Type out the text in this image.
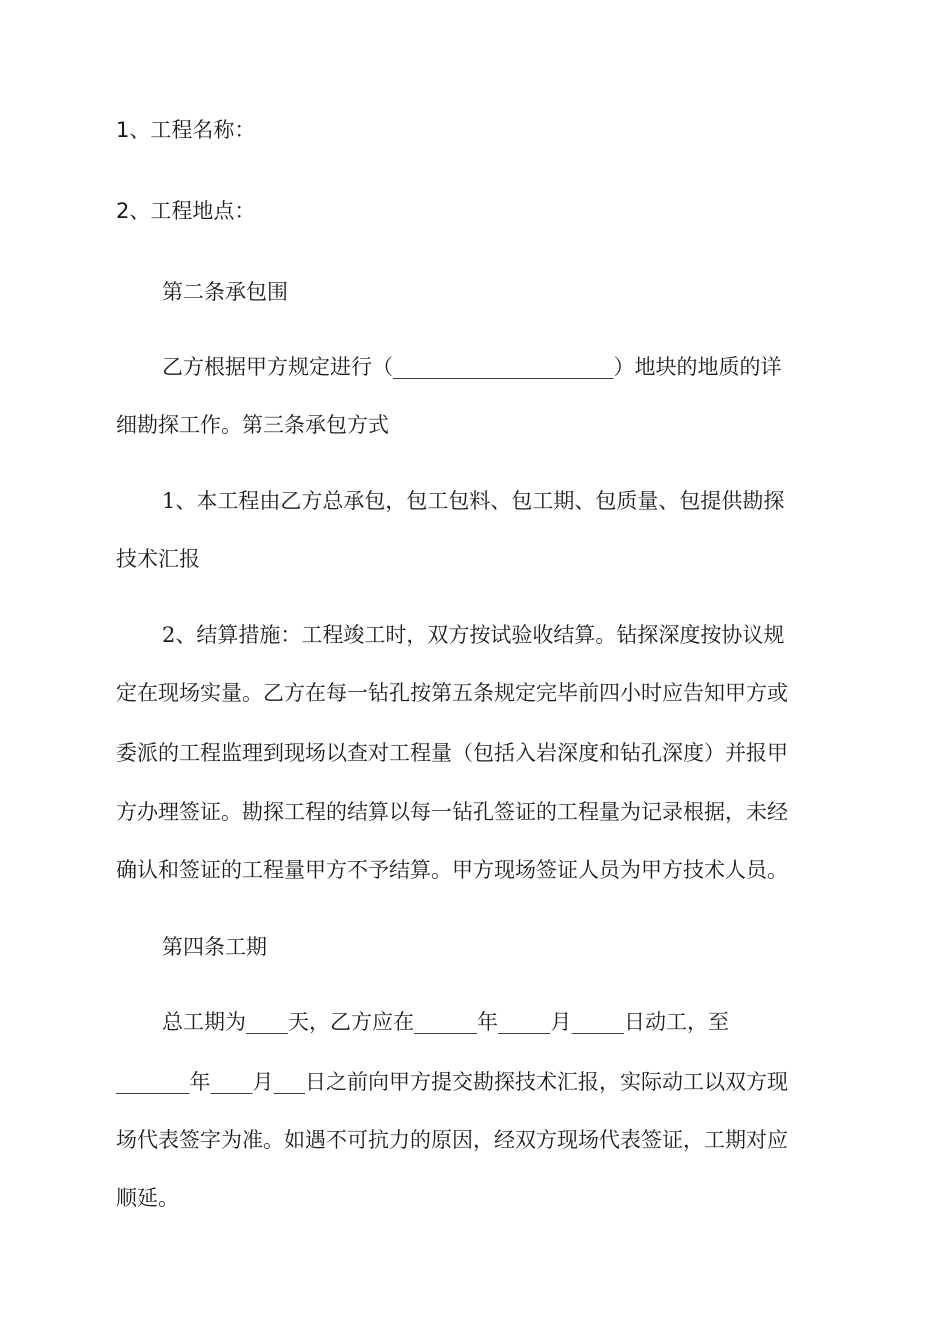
1、工程名称：
2、工程地点：
第二条承包围
乙方根据甲方规定进行（_____________________）地块的地质的详
细勘探工作。第三条承包方式
1、本工程由乙方总承包，包工包料、包工期、包质量、包提供勘探
技术汇报
2、结算措施：工程竣工时，双方按试验收结算。钻探深度按协议规
定在现场实量。乙方在每一钻孔按第五条规定完毕前四小时应告知甲方或
委派的工程监理到现场以查对工程量（包括入岩深度和钻孔深度）并报甲
方办理签证。勘探工程的结算以每一钻孔签证的工程量为记录根据，未经
确认和签证的工程量甲方不予结算。甲方现场签证人员为甲方技术人员。
第四条工期
总工期为____天，乙方应在______年_____月_____日动工，至
_______年____月___日之前向甲方提交勘探技术汇报，实际动工以双方现
场代表签字为准。如遇不可抗力的原因，经双方现场代表签证，工期对应
顺延。
